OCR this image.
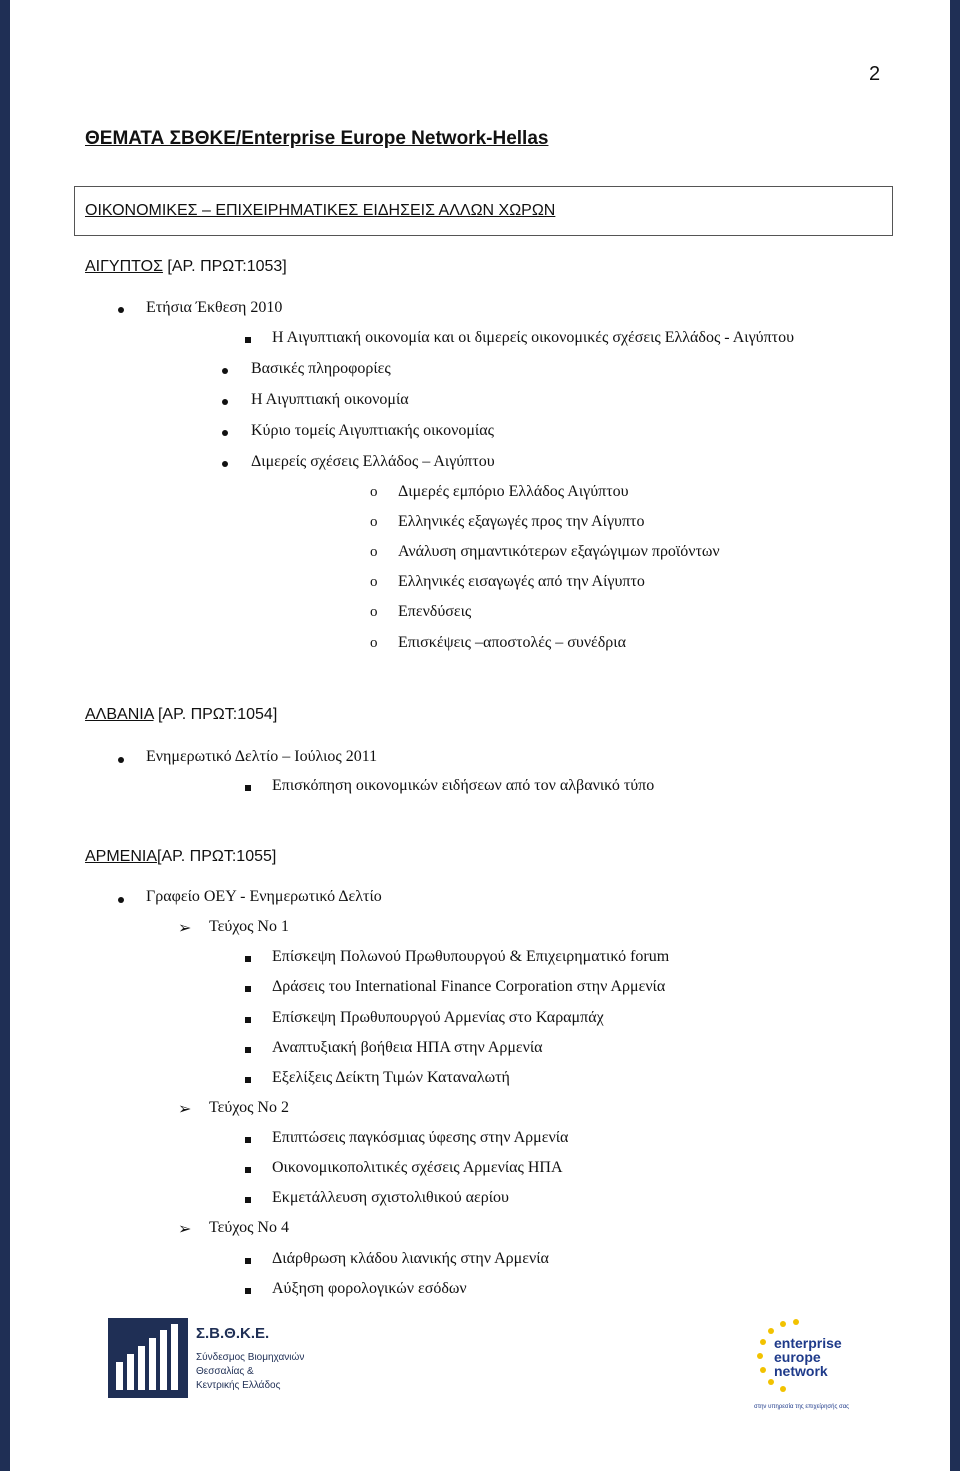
2
ΘΕΜΑΤΑ ΣΒΘΚΕ/Enterprise Europe Network-Hellas
ΟΙΚΟΝΟΜΙΚΕΣ – ΕΠΙΧΕΙΡΗΜΑΤΙΚΕΣ ΕΙΔΗΣΕΙΣ ΑΛΛΩΝ ΧΩΡΩΝ
ΑΙΓΥΠΤΟΣ [ΑΡ. ΠΡΩΤ:1053]
Ετήσια Έκθεση 2010
Η Αιγυπτιακή οικονομία και οι διμερείς οικονομικές σχέσεις Ελλάδος - Αιγύπτου
Βασικές πληροφορίες
Η Αιγυπτιακή οικονομία
Κύριο τομείς Αιγυπτιακής οικονομίας
Διμερείς σχέσεις Ελλάδος – Αιγύπτου
o Διμερές εμπόριο Ελλάδος Αιγύπτου
o Ελληνικές εξαγωγές προς την Αίγυπτο
o Ανάλυση σημαντικότερων εξαγώγιμων προϊόντων
o Ελληνικές εισαγωγές από την Αίγυπτο
o Επενδύσεις
o Επισκέψεις –αποστολές – συνέδρια
ΑΛΒΑΝΙΑ [ΑΡ. ΠΡΩΤ:1054]
Ενημερωτικό Δελτίο – Ιούλιος 2011
Επισκόπηση οικονομικών ειδήσεων από τον αλβανικό τύπο
ΑΡΜΕΝΙΑ[ΑΡ. ΠΡΩΤ:1055]
Γραφείο ΟΕΥ - Ενημερωτικό Δελτίο
➢ Τεύχος Νο 1
Επίσκεψη Πολωνού Πρωθυπουργού & Επιχειρηματικό forum
Δράσεις του International Finance Corporation στην Αρμενία
Επίσκεψη Πρωθυπουργού Αρμενίας στο Καραμπάχ
Αναπτυξιακή βοήθεια ΗΠΑ στην Αρμενία
Εξελίξεις Δείκτη Τιμών Καταναλωτή
➢ Τεύχος Νο 2
Επιπτώσεις παγκόσμιας ύφεσης στην Αρμενία
Οικονομικοπολιτικές σχέσεις Αρμενίας ΗΠΑ
Εκμετάλλευση σχιστολιθικού αερίου
➢ Τεύχος Νο 4
Διάρθρωση κλάδου λιανικής στην Αρμενία
Αύξηση φορολογικών εσόδων
Σ.Β.Θ.Κ.Ε.
Σύνδεσμος Βιομηχανιών
Θεσσαλίας &
Κεντρικής Ελλάδος
enterprise
europe
network
στην υπηρεσία της επιχείρησής σας
